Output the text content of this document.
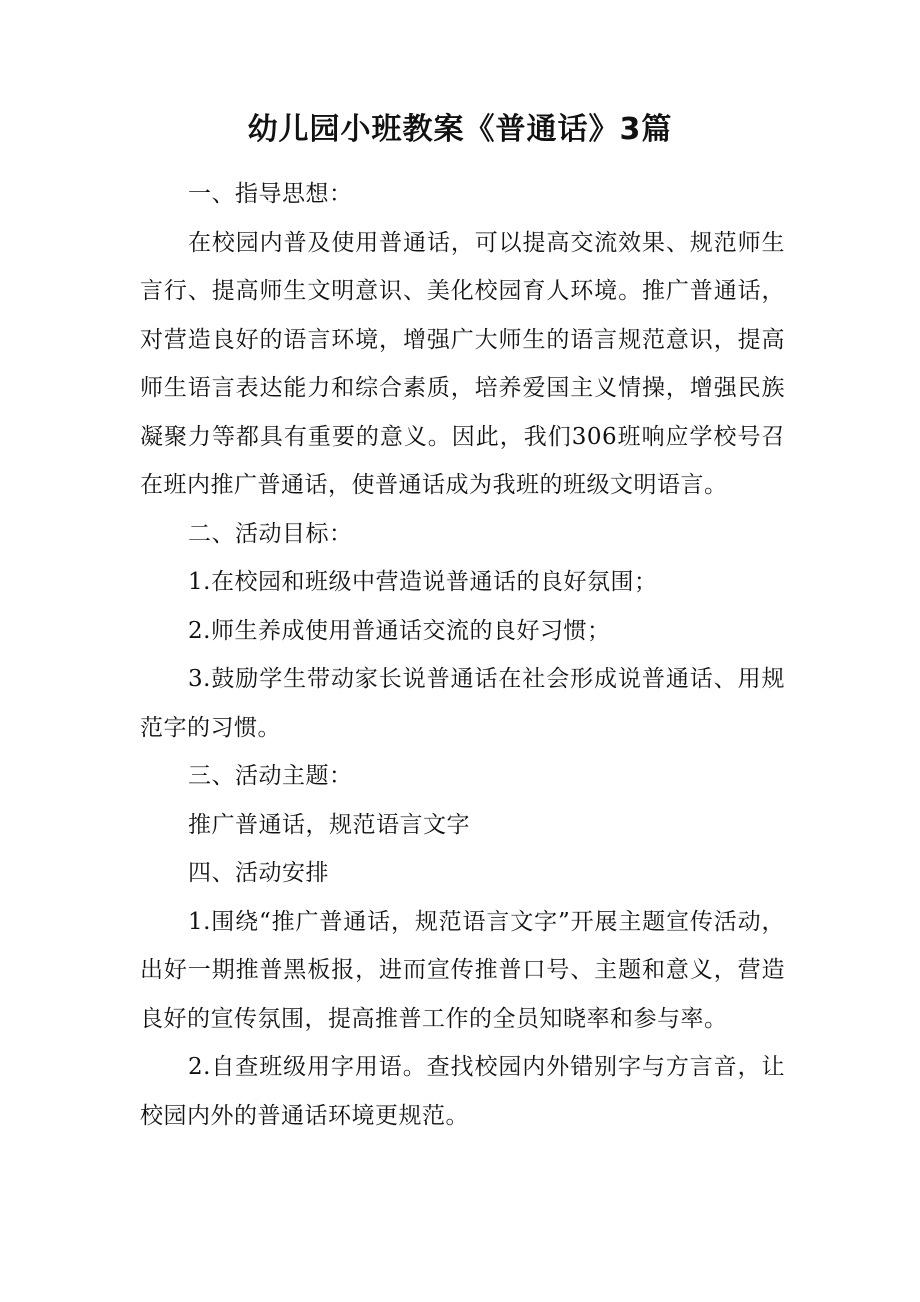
幼儿园小班教案《普通话》3篇

一、指导思想：

在校园内普及使用普通话，可以提高交流效果、规范师生言行、提高师生文明意识、美化校园育人环境。推广普通话，对营造良好的语言环境，增强广大师生的语言规范意识，提高师生语言表达能力和综合素质，培养爱国主义情操，增强民族凝聚力等都具有重要的意义。因此，我们306班响应学校号召在班内推广普通话，使普通话成为我班的班级文明语言。

二、活动目标：

1.在校园和班级中营造说普通话的良好氛围；

2.师生养成使用普通话交流的良好习惯；

3.鼓励学生带动家长说普通话在社会形成说普通话、用规范字的习惯。

三、活动主题：

推广普通话，规范语言文字

四、活动安排

1.围绕“推广普通话，规范语言文字”开展主题宣传活动，出好一期推普黑板报，进而宣传推普口号、主题和意义，营造良好的宣传氛围，提高推普工作的全员知晓率和参与率。

2.自查班级用字用语。查找校园内外错别字与方言音，让校园内外的普通话环境更规范。
